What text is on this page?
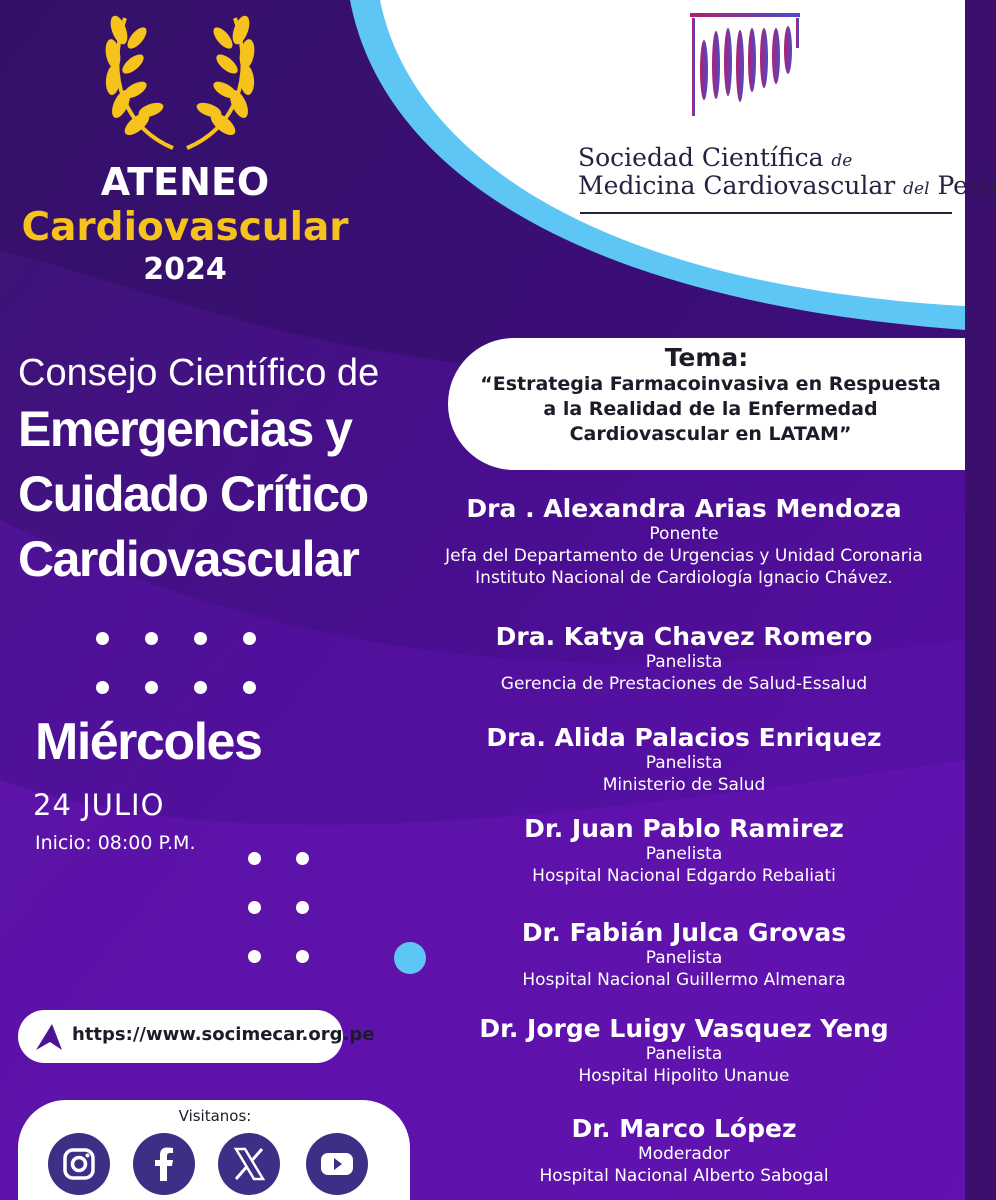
ATENEO
Cardiovascular
2024
Sociedad Científica de
Medicina Cardiovascular del Perú
Consejo Científico de
Emergencias y
Cuidado Crítico
Cardiovascular
Miércoles
24 JULIO
Inicio: 08:00 P.M.
Tema:
“Estrategia Farmacoinvasiva en Respuesta a la Realidad de la Enfermedad Cardiovascular en LATAM”
Dra . Alexandra Arias Mendoza
Ponente
Jefa del Departamento de Urgencias y Unidad Coronaria
Instituto Nacional de Cardiología Ignacio Chávez.
Dra. Katya Chavez Romero
Panelista
Gerencia de Prestaciones de Salud-Essalud
Dra. Alida Palacios Enriquez
Panelista
Ministerio de Salud
Dr. Juan Pablo Ramirez
Panelista
Hospital Nacional Edgardo Rebaliati
Dr. Fabián Julca Grovas
Panelista
Hospital Nacional Guillermo Almenara
Dr. Jorge Luigy Vasquez Yeng
Panelista
Hospital Hipolito Unanue
Dr. Marco López
Moderador
Hospital Nacional Alberto Sabogal
https://www.socimecar.org.pe
Visitanos:
